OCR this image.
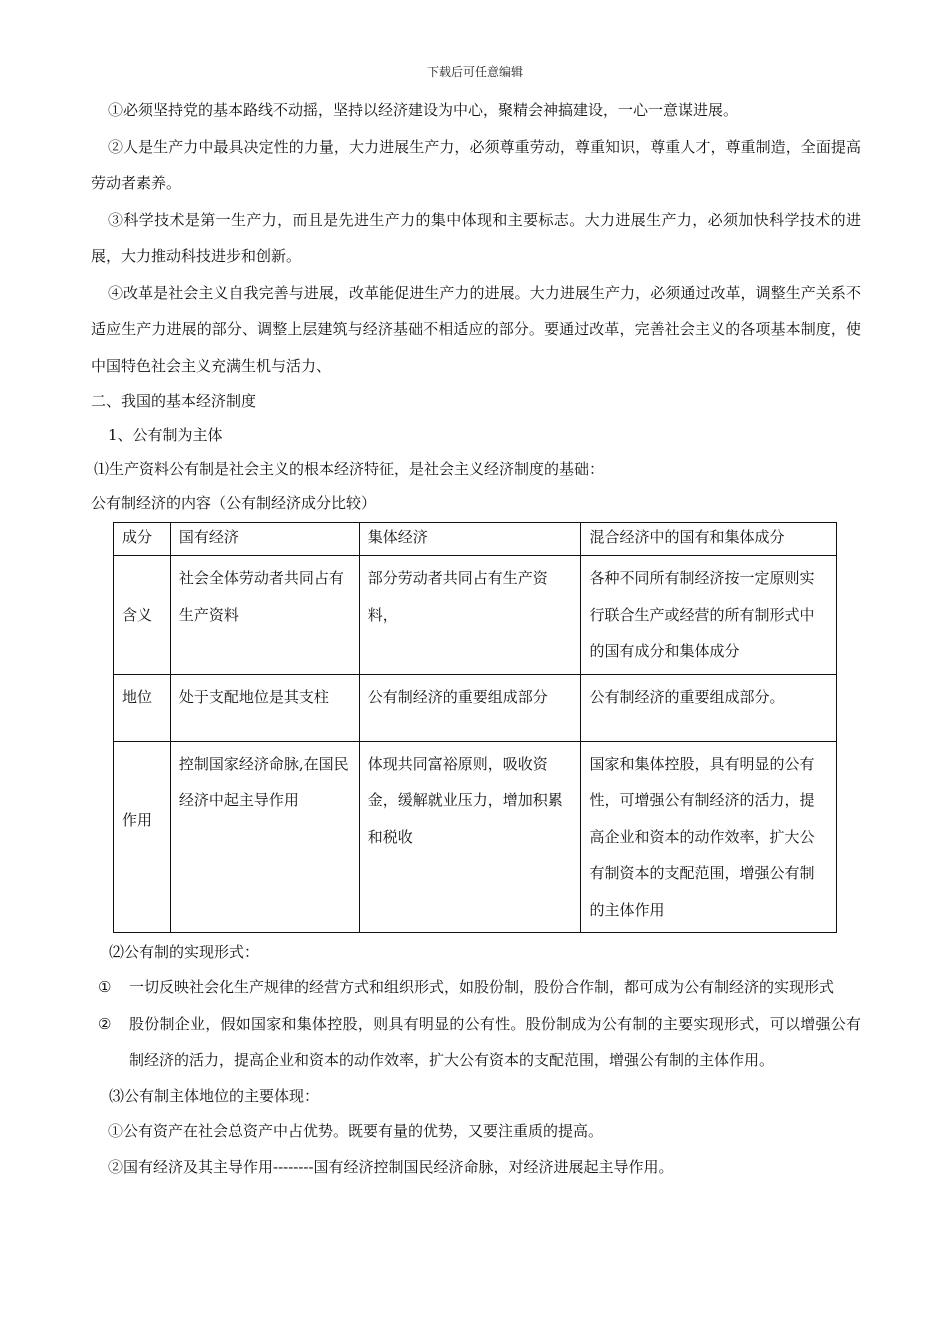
下载后可任意编辑

①必须坚持党的基本路线不动摇，坚持以经济建设为中心，聚精会神搞建设，一心一意谋进展。

②人是生产力中最具决定性的力量，大力进展生产力，必须尊重劳动，尊重知识，尊重人才，尊重制造，全面提高劳动者素养。

③科学技术是第一生产力，而且是先进生产力的集中体现和主要标志。大力进展生产力，必须加快科学技术的进展，大力推动科技进步和创新。

④改革是社会主义自我完善与进展，改革能促进生产力的进展。大力进展生产力，必须通过改革，调整生产关系不适应生产力进展的部分、调整上层建筑与经济基础不相适应的部分。要通过改革，完善社会主义的各项基本制度，使中国特色社会主义充满生机与活力、

二、我国的基本经济制度

1、公有制为主体

⑴生产资料公有制是社会主义的根本经济特征，是社会主义经济制度的基础：

公有制经济的内容（公有制经济成分比较）

成分	国有经济	集体经济	混合经济中的国有和集体成分
含义	社会全体劳动者共同占有生产资料	部分劳动者共同占有生产资料，	各种不同所有制经济按一定原则实行联合生产或经营的所有制形式中的国有成分和集体成分
地位	处于支配地位是其支柱	公有制经济的重要组成部分	公有制经济的重要组成部分。
作用	控制国家经济命脉,在国民经济中起主导作用	体现共同富裕原则，吸收资金，缓解就业压力，增加积累和税收	国家和集体控股，具有明显的公有性，可增强公有制经济的活力，提高企业和资本的动作效率，扩大公有制资本的支配范围，增强公有制的主体作用

⑵公有制的实现形式：

① 一切反映社会化生产规律的经营方式和组织形式，如股份制，股份合作制，都可成为公有制经济的实现形式

② 股份制企业，假如国家和集体控股，则具有明显的公有性。股份制成为公有制的主要实现形式，可以增强公有制经济的活力，提高企业和资本的动作效率，扩大公有资本的支配范围，增强公有制的主体作用。

⑶公有制主体地位的主要体现：

①公有资产在社会总资产中占优势。既要有量的优势，又要注重质的提高。

②国有经济及其主导作用--------国有经济控制国民经济命脉，对经济进展起主导作用。
